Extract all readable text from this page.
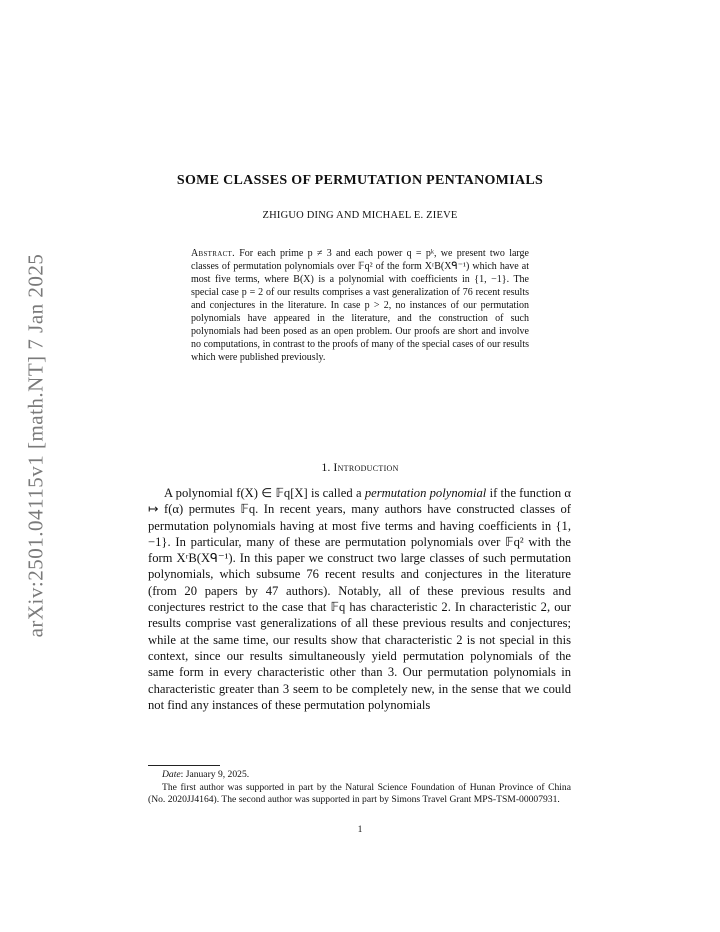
arXiv:2501.04115v1 [math.NT] 7 Jan 2025
SOME CLASSES OF PERMUTATION PENTANOMIALS
ZHIGUO DING AND MICHAEL E. ZIEVE
Abstract. For each prime p ≠ 3 and each power q = pᵏ, we present two large classes of permutation polynomials over 𝔽q² of the form XʳB(Xᑫ⁻¹) which have at most five terms, where B(X) is a polynomial with coefficients in {1, −1}. The special case p = 2 of our results comprises a vast generalization of 76 recent results and conjectures in the literature. In case p > 2, no instances of our permutation polynomials have appeared in the literature, and the construction of such polynomials had been posed as an open problem. Our proofs are short and involve no computations, in contrast to the proofs of many of the special cases of our results which were published previously.
1. Introduction

A polynomial f(X) ∈ 𝔽q[X] is called a permutation polynomial if the function α ↦ f(α) permutes 𝔽q. In recent years, many authors have constructed classes of permutation polynomials having at most five terms and having coefficients in {1, −1}. In particular, many of these are permutation polynomials over 𝔽q² with the form XʳB(Xᑫ⁻¹). In this paper we construct two large classes of such permutation polynomials, which subsume 76 recent results and conjectures in the literature (from 20 papers by 47 authors). Notably, all of these previous results and conjectures restrict to the case that 𝔽q has characteristic 2. In characteristic 2, our results comprise vast generalizations of all these previous results and conjectures; while at the same time, our results show that characteristic 2 is not special in this context, since our results simultaneously yield permutation polynomials of the same form in every characteristic other than 3. Our permutation polynomials in characteristic greater than 3 seem to be completely new, in the sense that we could not find any instances of these permutation polynomials

Date: January 9, 2025.

The first author was supported in part by the Natural Science Foundation of Hunan Province of China (No. 2020JJ4164). The second author was supported in part by Simons Travel Grant MPS-TSM-00007931.

1
